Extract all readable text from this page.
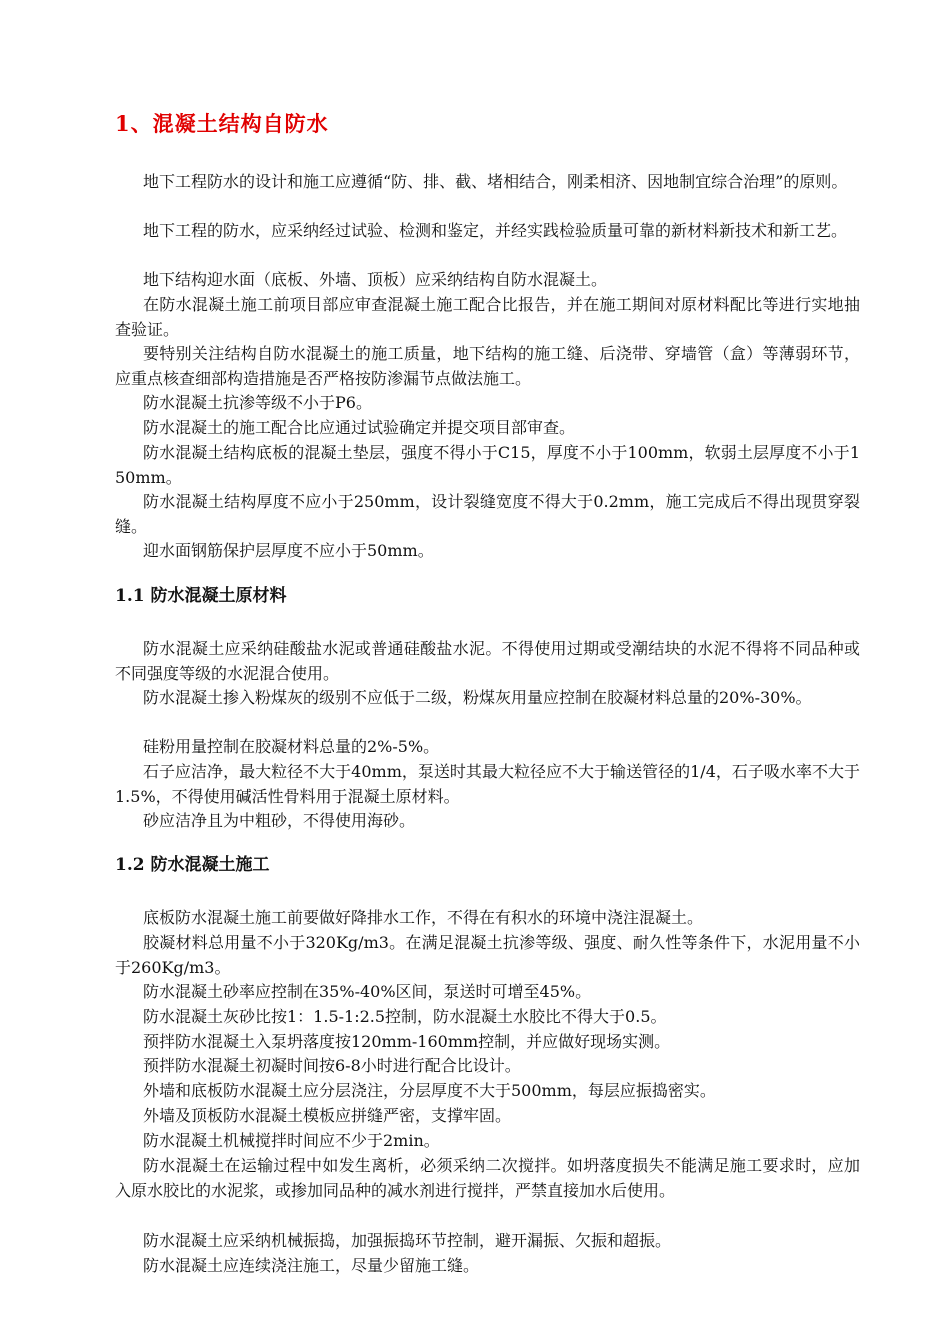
1、混凝土结构自防水

地下工程防水的设计和施工应遵循“防、排、截、堵相结合，刚柔相济、因地制宜综合治理”的原则。

地下工程的防水，应采纳经过试验、检测和鉴定，并经实践检验质量可靠的新材料新技术和新工艺。

地下结构迎水面（底板、外墙、顶板）应采纳结构自防水混凝土。

在防水混凝土施工前项目部应审查混凝土施工配合比报告，并在施工期间对原材料配比等进行实地抽查验证。

要特别关注结构自防水混凝土的施工质量，地下结构的施工缝、后浇带、穿墙管（盒）等薄弱环节，应重点核查细部构造措施是否严格按防渗漏节点做法施工。

防水混凝土抗渗等级不小于P6。

防水混凝土的施工配合比应通过试验确定并提交项目部审查。

防水混凝土结构底板的混凝土垫层，强度不得小于C15，厚度不小于100mm，软弱土层厚度不小于150mm。

防水混凝土结构厚度不应小于250mm，设计裂缝宽度不得大于0.2mm，施工完成后不得出现贯穿裂缝。

迎水面钢筋保护层厚度不应小于50mm。

1.1 防水混凝土原材料

防水混凝土应采纳硅酸盐水泥或普通硅酸盐水泥。不得使用过期或受潮结块的水泥不得将不同品种或不同强度等级的水泥混合使用。

防水混凝土掺入粉煤灰的级别不应低于二级，粉煤灰用量应控制在胶凝材料总量的20%-30%。

硅粉用量控制在胶凝材料总量的2%-5%。

石子应洁净，最大粒径不大于40mm，泵送时其最大粒径应不大于输送管径的1/4，石子吸水率不大于1.5%，不得使用碱活性骨料用于混凝土原材料。

砂应洁净且为中粗砂，不得使用海砂。

1.2 防水混凝土施工

底板防水混凝土施工前要做好降排水工作，不得在有积水的环境中浇注混凝土。

胶凝材料总用量不小于320Kg/m3。在满足混凝土抗渗等级、强度、耐久性等条件下，水泥用量不小于260Kg/m3。

防水混凝土砂率应控制在35%-40%区间，泵送时可增至45%。

防水混凝土灰砂比按1：1.5-1:2.5控制，防水混凝土水胶比不得大于0.5。

预拌防水混凝土入泵坍落度按120mm-160mm控制，并应做好现场实测。

预拌防水混凝土初凝时间按6-8小时进行配合比设计。

外墙和底板防水混凝土应分层浇注，分层厚度不大于500mm，每层应振捣密实。

外墙及顶板防水混凝土模板应拼缝严密，支撑牢固。

防水混凝土机械搅拌时间应不少于2min。

防水混凝土在运输过程中如发生离析，必须采纳二次搅拌。如坍落度损失不能满足施工要求时，应加入原水胶比的水泥浆，或掺加同品种的减水剂进行搅拌，严禁直接加水后使用。

防水混凝土应采纳机械振捣，加强振捣环节控制，避开漏振、欠振和超振。

防水混凝土应连续浇注施工，尽量少留施工缝。
